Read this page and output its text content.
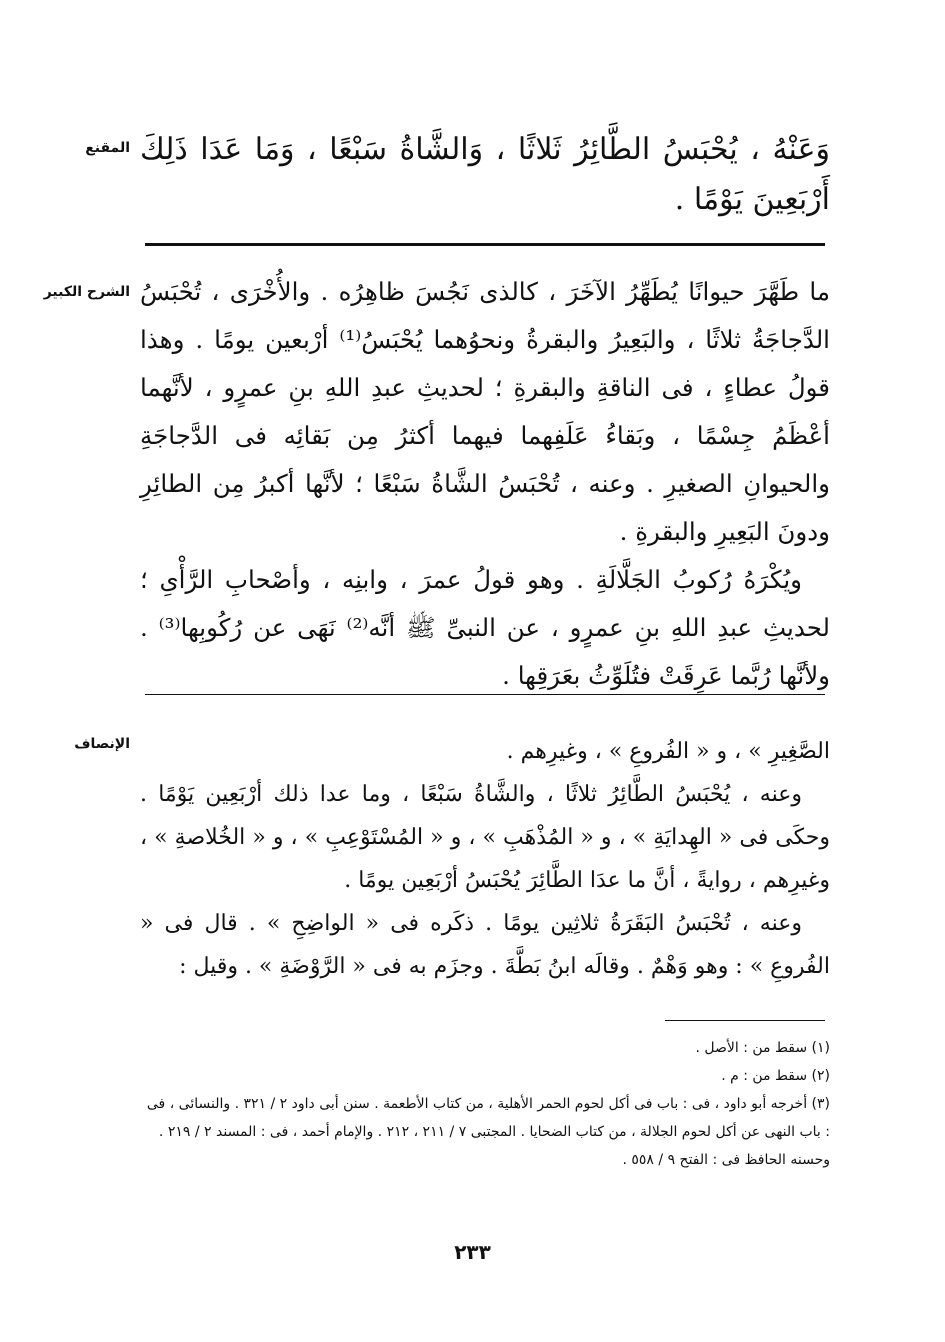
المقنع وَعَنْهُ ، يُحْبَسُ الطَّائِرُ ثَلاثًا ، وَالشَّاةُ سَبْعًا ، وَمَا عَدَا ذَلِكَ أَرْبَعِينَ يَوْمًا .

الشرح الكبير ما طَهَّرَ حيوانًا يُطَهِّرُ الآخَرَ ، كالذى نَجُسَ ظاهِرُه . والأُخْرَى ، تُحْبَسُ الدَّجاجَةُ ثلاثًا ، والبَعِيرُ والبقرةُ ونحوُهما يُحْبَسُ⁽¹⁾ أرْبعين يومًا . وهذا قولُ عطاءٍ ، فى الناقةِ والبقرةِ ؛ لحديثِ عبدِ اللهِ بنِ عمرٍو ، لأنَّهما أعْظَمُ جِسْمًا ، وبَقاءُ عَلَفِهما فيهما أكثرُ مِن بَقائِه فى الدَّجاجَةِ والحيوانِ الصغيرِ . وعنه ، تُحْبَسُ الشَّاةُ سَبْعًا ؛ لأنَّها أكبرُ مِن الطائِرِ ودونَ البَعِيرِ والبقرةِ .

ويُكْرَهُ رُكوبُ الجَلَّالَةِ . وهو قولُ عمرَ ، وابنِه ، وأصْحابِ الرَّأْىِ ؛ لحديثِ عبدِ اللهِ بنِ عمرٍو ، عن النبىِّ ﷺ أنَّه⁽²⁾ نَهَى عن رُكُوبِها⁽³⁾ . ولأنَّها رُبَّما عَرِقَتْ فتُلَوِّثُ بعَرَقِها .

الإنصاف	الصَّغِيرِ » ، و « الفُروعِ » ، وغيرِهم .

وعنه ، يُحْبَسُ الطَّائِرُ ثلاثًا ، والشَّاةُ سَبْعًا ، وما عدا ذلك أرْبَعِين يَوْمًا . وحكَى فى « الهِدايَةِ » ، و « المُذْهَبِ » ، و « المُسْتَوْعِبِ » ، و « الخُلاصةِ » ، وغيرِهم ، روايةً ، أنَّ ما عدَا الطَّائِرَ يُحْبَسُ أرْبَعِين يومًا .

وعنه ، تُحْبَسُ البَقَرَةُ ثلاثِين يومًا . ذكَره فى « الواضِحِ » . قال فى « الفُروعِ » : وهو وَهْمٌ . وقالَه ابنُ بَطَّةَ . وجزَم به فى « الرَّوْضَةِ » . وقيل :

(١) سقط من : الأصل .

(٢) سقط من : م .

(٣) أخرجه أبو داود ، فى : باب فى أكل لحوم الحمر الأهلية ، من كتاب الأطعمة . سنن أبى داود ٢ / ٣٢١ . والنسائى ، فى : باب النهى عن أكل لحوم الجلالة ، من كتاب الضحايا . المجتبى ٧ / ٢١١ ، ٢١٢ . والإمام أحمد ، فى : المسند ٢ / ٢١٩ . وحسنه الحافظ فى : الفتح ٩ / ٥٥٨ .

٢٣٣
